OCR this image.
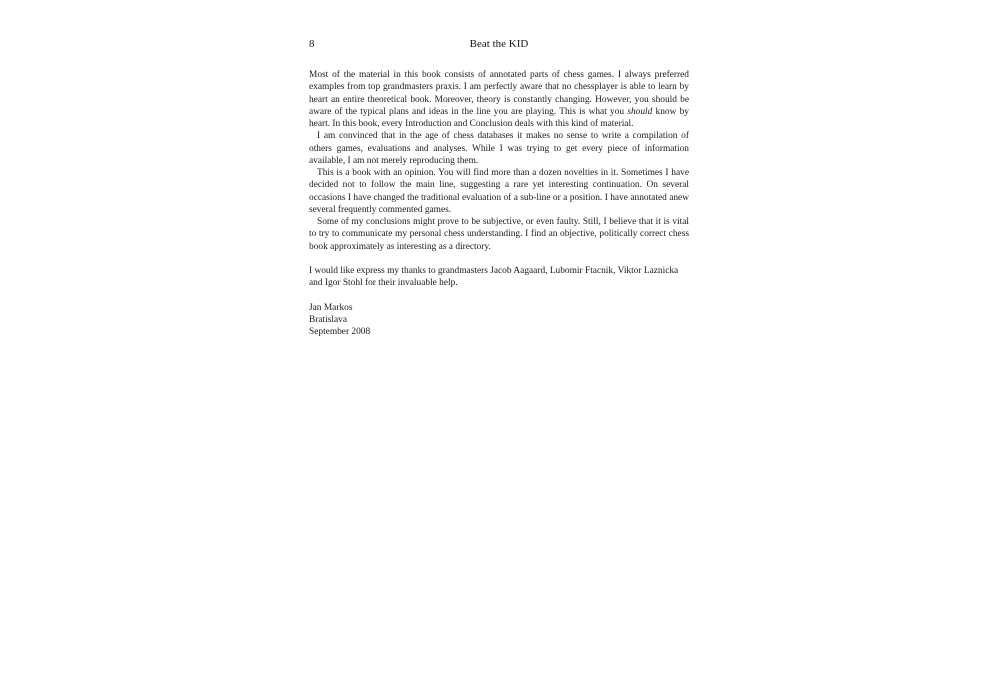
8	Beat the KID

Most of the material in this book consists of annotated parts of chess games. I always preferred examples from top grandmasters praxis. I am perfectly aware that no chessplayer is able to learn by heart an entire theoretical book. Moreover, theory is constantly changing. However, you should be aware of the typical plans and ideas in the line you are playing. This is what you should know by heart. In this book, every Introduction and Conclusion deals with this kind of material.

I am convinced that in the age of chess databases it makes no sense to write a compilation of others games, evaluations and analyses. While I was trying to get every piece of information available, I am not merely reproducing them.

This is a book with an opinion. You will find more than a dozen novelties in it. Sometimes I have decided not to follow the main line, suggesting a rare yet interesting continuation. On several occasions I have changed the traditional evaluation of a sub-line or a position. I have annotated anew several frequently commented games.

Some of my conclusions might prove to be subjective, or even faulty. Still, I believe that it is vital to try to communicate my personal chess understanding. I find an objective, politically correct chess book approximately as interesting as a directory.

I would like express my thanks to grandmasters Jacob Aagaard, Lubomir Ftacnik, Viktor Laznicka and Igor Stohl for their invaluable help.

Jan Markos
Bratislava
September 2008
